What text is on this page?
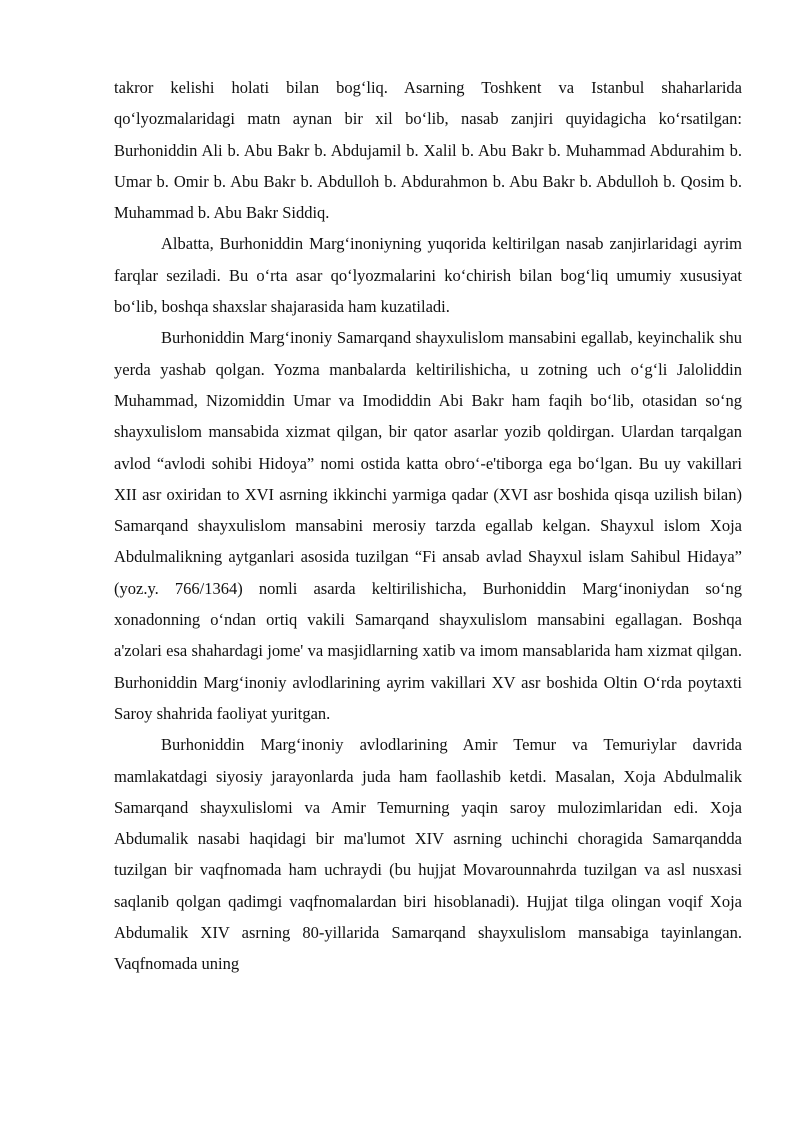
takror kelishi holati bilan bog‘liq. Asarning Toshkent va Istanbul shaharlarida qo‘lyozmalaridagi matn aynan bir xil bo‘lib, nasab zanjiri quyidagicha ko‘rsatilgan: Burhoniddin Ali b. Abu Bakr b. Abdujamil b. Xalil b. Abu Bakr b. Muhammad Abdurahim b. Umar b. Omir b. Abu Bakr b. Abdulloh b. Abdurahmon b. Abu Bakr b. Abdulloh b. Qosim b. Muhammad b. Abu Bakr Siddiq.

Albatta, Burhoniddin Marg‘inoniyning yuqorida keltirilgan nasab zanjirlaridagi ayrim farqlar seziladi. Bu o‘rta asar qo‘lyozmalarini ko‘chirish bilan bog‘liq umumiy xususiyat bo‘lib, boshqa shaxslar shajarasida ham kuzatiladi.

Burhoniddin Marg‘inoniy Samarqand shayxulislom mansabini egallab, keyinchalik shu yerda yashab qolgan. Yozma manbalarda keltirilishicha, u zotning uch o‘g‘li Jaloliddin Muhammad, Nizomiddin Umar va Imodiddin Abi Bakr ham faqih bo‘lib, otasidan so‘ng shayxulislom mansabida xizmat qilgan, bir qator asarlar yozib qoldirgan. Ulardan tarqalgan avlod “avlodi sohibi Hidoya” nomi ostida katta obro‘-e'tiborga ega bo‘lgan. Bu uy vakillari XII asr oxiridan to XVI asrning ikkinchi yarmiga qadar (XVI asr boshida qisqa uzilish bilan) Samarqand shayxulislom mansabini merosiy tarzda egallab kelgan. Shayxul islom Xoja Abdulmalikning aytganlari asosida tuzilgan “Fi ansab avlad Shayxul islam Sahibul Hidaya” (yoz.y. 766/1364) nomli asarda keltirilishicha, Burhoniddin Marg‘inoniydan so‘ng xonadonning o‘ndan ortiq vakili Samarqand shayxulislom mansabini egallagan. Boshqa a'zolari esa shahardagi jome' va masjidlarning xatib va imom mansablarida ham xizmat qilgan. Burhoniddin Marg‘inoniy avlodlarining ayrim vakillari XV asr boshida Oltin O‘rda poytaxti Saroy shahrida faoliyat yuritgan.

Burhoniddin Marg‘inoniy avlodlarining Amir Temur va Temuriylar davrida mamlakatdagi siyosiy jarayonlarda juda ham faollashib ketdi. Masalan, Xoja Abdulmalik Samarqand shayxulislomi va Amir Temurning yaqin saroy mulozimlaridan edi. Xoja Abdumalik nasabi haqidagi bir ma'lumot XIV asrning uchinchi choragida Samarqandda tuzilgan bir vaqfnomada ham uchraydi (bu hujjat Movarounnahrda tuzilgan va asl nusxasi saqlanib qolgan qadimgi vaqfnomalardan biri hisoblanadi). Hujjat tilga olingan voqif Xoja Abdumalik XIV asrning 80-yillarida Samarqand shayxulislom mansabiga tayinlangan. Vaqfnomada uning
